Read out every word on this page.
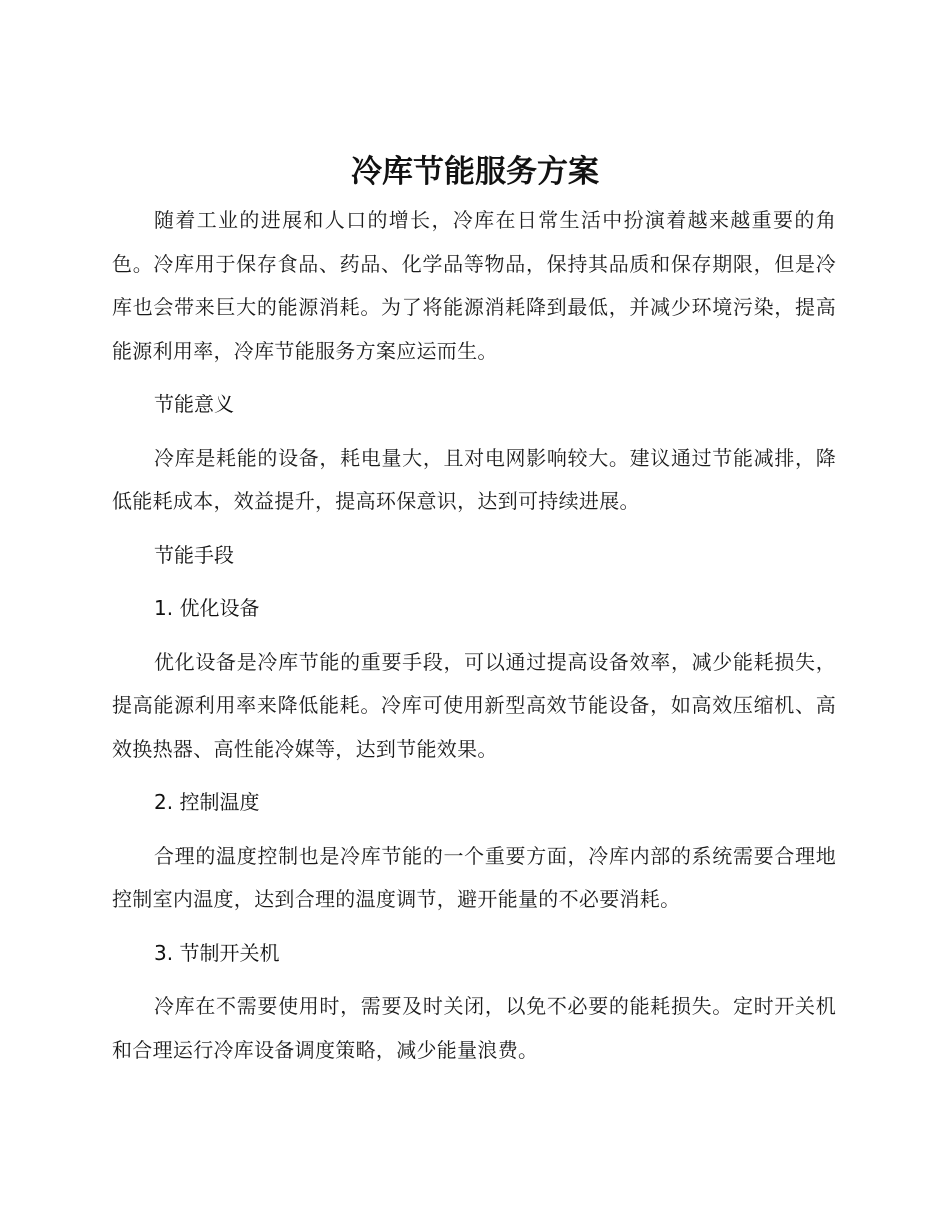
冷库节能服务方案

随着工业的进展和人口的增长，冷库在日常生活中扮演着越来越重要的角色。冷库用于保存食品、药品、化学品等物品，保持其品质和保存期限，但是冷库也会带来巨大的能源消耗。为了将能源消耗降到最低，并减少环境污染，提高能源利用率，冷库节能服务方案应运而生。

节能意义

冷库是耗能的设备，耗电量大，且对电网影响较大。建议通过节能减排，降低能耗成本，效益提升，提高环保意识，达到可持续进展。

节能手段

1. 优化设备

优化设备是冷库节能的重要手段，可以通过提高设备效率，减少能耗损失，提高能源利用率来降低能耗。冷库可使用新型高效节能设备，如高效压缩机、高效换热器、高性能冷媒等，达到节能效果。

2. 控制温度

合理的温度控制也是冷库节能的一个重要方面，冷库内部的系统需要合理地控制室内温度，达到合理的温度调节，避开能量的不必要消耗。

3. 节制开关机

冷库在不需要使用时，需要及时关闭，以免不必要的能耗损失。定时开关机和合理运行冷库设备调度策略，减少能量浪费。
